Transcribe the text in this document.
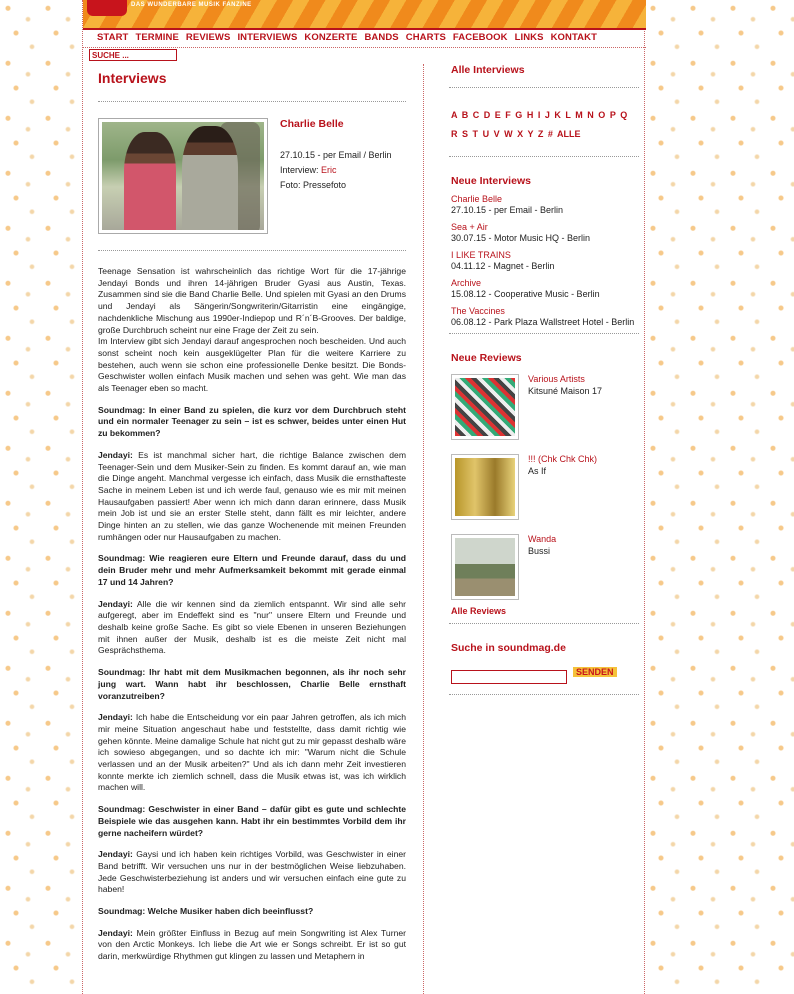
DAS WUNDERBARE MUSIK FANZINE
START TERMINE REVIEWS INTERVIEWS KONZERTE BANDS CHARTS FACEBOOK LINKS KONTAKT
SUCHE ...
Interviews
Charlie Belle
27.10.15 - per Email / Berlin
Interview: Eric
Foto: Pressefoto

Teenage Sensation ist wahrscheinlich das richtige Wort für die 17-jährige Jendayi Bonds und ihren 14-jährigen Bruder Gyasi aus Austin, Texas. Zusammen sind sie die Band Charlie Belle. Und spielen mit Gyasi an den Drums und Jendayi als Sängerin/Songwriterin/Gitarristin eine eingängige, nachdenkliche Mischung aus 1990er-Indiepop und R´n´B-Grooves. Der baldige, große Durchbruch scheint nur eine Frage der Zeit zu sein.
Im Interview gibt sich Jendayi darauf angesprochen noch bescheiden. Und auch sonst scheint noch kein ausgeklügelter Plan für die weitere Karriere zu bestehen, auch wenn sie schon eine professionelle Denke besitzt. Die Bonds-Geschwister wollen einfach Musik machen und sehen was geht. Wie man das als Teenager eben so macht.

Soundmag: In einer Band zu spielen, die kurz vor dem Durchbruch steht und ein normaler Teenager zu sein – ist es schwer, beides unter einen Hut zu bekommen?

Jendayi: Es ist manchmal sicher hart, die richtige Balance zwischen dem Teenager-Sein und dem Musiker-Sein zu finden. Es kommt darauf an, wie man die Dinge angeht. Manchmal vergesse ich einfach, dass Musik die ernsthafteste Sache in meinem Leben ist und ich werde faul, genauso wie es mir mit meinen Hausaufgaben passiert! Aber wenn ich mich dann daran erinnere, dass Musik mein Job ist und sie an erster Stelle steht, dann fällt es mir leichter, andere Dinge hinten an zu stellen, wie das ganze Wochenende mit meinen Freunden rumhängen oder nur Hausaufgaben zu machen.

Soundmag: Wie reagieren eure Eltern und Freunde darauf, dass du und dein Bruder mehr und mehr Aufmerksamkeit bekommt mit gerade einmal 17 und 14 Jahren?

Jendayi: Alle die wir kennen sind da ziemlich entspannt. Wir sind alle sehr aufgeregt, aber im Endeffekt sind es "nur" unsere Eltern und Freunde und deshalb keine große Sache. Es gibt so viele Ebenen in unseren Beziehungen mit ihnen außer der Musik, deshalb ist es die meiste Zeit nicht mal Gesprächsthema.

Soundmag: Ihr habt mit dem Musikmachen begonnen, als ihr noch sehr jung wart. Wann habt ihr beschlossen, Charlie Belle ernsthaft voranzutreiben?

Jendayi: Ich habe die Entscheidung vor ein paar Jahren getroffen, als ich mich mir meine Situation angeschaut habe und feststellte, dass damit richtig wie gehen könnte. Meine damalige Schule hat nicht gut zu mir gepasst deshalb wäre ich sowieso abgegangen, und so dachte ich mir: "Warum nicht die Schule verlassen und an der Musik arbeiten?" Und als ich dann mehr Zeit investieren konnte merkte ich ziemlich schnell, dass die Musik etwas ist, was ich wirklich machen will.

Soundmag: Geschwister in einer Band – dafür gibt es gute und schlechte Beispiele wie das ausgehen kann. Habt ihr ein bestimmtes Vorbild dem ihr gerne nacheifern würdet?

Jendayi: Gaysi und ich haben kein richtiges Vorbild, was Geschwister in einer Band betrifft. Wir versuchen uns nur in der bestmöglichen Weise liebzuhaben. Jede Geschwisterbeziehung ist anders und wir versuchen einfach eine gute zu haben!

Soundmag: Welche Musiker haben dich beeinflusst?

Jendayi: Mein größter Einfluss in Bezug auf mein Songwriting ist Alex Turner von den Arctic Monkeys. Ich liebe die Art wie er Songs schreibt. Er ist so gut darin, merkwürdige Rhythmen gut klingen zu lassen und Metaphern in

Alle Interviews
A B C D E F G H I J K L M N O P Q
R S T U V W X Y Z # ALLE
Neue Interviews
Charlie Belle
27.10.15 - per Email - Berlin
Sea + Air
30.07.15 - Motor Music HQ - Berlin
I LIKE TRAINS
04.11.12 - Magnet - Berlin
Archive
15.08.12 - Cooperative Music - Berlin
The Vaccines
06.08.12 - Park Plaza Wallstreet Hotel - Berlin
Neue Reviews
Various Artists
Kitsuné Maison 17
!!! (Chk Chk Chk)
As If
Wanda
Bussi
Alle Reviews
Suche in soundmag.de
SENDEN
